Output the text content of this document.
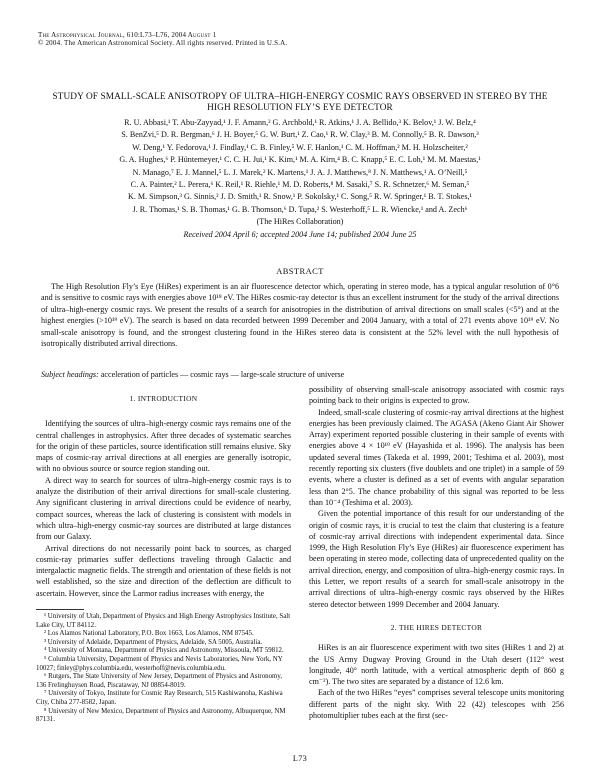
The Astrophysical Journal, 610:L73–L76, 2004 August 1
© 2004. The American Astronomical Society. All rights reserved. Printed in U.S.A.
STUDY OF SMALL-SCALE ANISOTROPY OF ULTRA–HIGH-ENERGY COSMIC RAYS OBSERVED IN STEREO BY THE HIGH RESOLUTION FLY’S EYE DETECTOR
R. U. Abbasi,¹ T. Abu-Zayyad,¹ J. F. Amann,² G. Archbold,¹ R. Atkins,¹ J. A. Bellido,³ K. Belov,¹ J. W. Belz,⁴
S. BenZvi,⁵ D. R. Bergman,⁶ J. H. Boyer,⁵ G. W. Burt,¹ Z. Cao,¹ R. W. Clay,³ B. M. Connolly,⁵ B. R. Dawson,³
W. Deng,¹ Y. Fedorova,¹ J. Findlay,¹ C. B. Finley,⁵ W. F. Hanlon,¹ C. M. Hoffman,² M. H. Holzscheiter,²
G. A. Hughes,⁶ P. Hüntemeyer,¹ C. C. H. Jui,¹ K. Kim,¹ M. A. Kirn,⁴ B. C. Knapp,⁵ E. C. Loh,¹ M. M. Maestas,¹
N. Manago,⁷ E. J. Mannel,⁵ L. J. Marek,² K. Martens,¹ J. A. J. Matthews,⁸ J. N. Matthews,¹ A. O’Neill,⁵
C. A. Painter,² L. Perera,⁶ K. Reil,¹ R. Riehle,¹ M. D. Roberts,⁸ M. Sasaki,⁷ S. R. Schnetzer,⁶ M. Seman,⁵
K. M. Simpson,³ G. Sinnis,² J. D. Smith,¹ R. Snow,¹ P. Sokolsky,¹ C. Song,⁵ R. W. Springer,¹ B. T. Stokes,¹
J. R. Thomas,¹ S. B. Thomas,¹ G. B. Thomson,⁶ D. Tupa,² S. Westerhoff,⁵ L. R. Wiencke,¹ and A. Zech⁶
(The HiRes Collaboration)
Received 2004 April 6; accepted 2004 June 14; published 2004 June 25
ABSTRACT

The High Resolution Fly’s Eye (HiRes) experiment is an air fluorescence detector which, operating in stereo mode, has a typical angular resolution of 0°6 and is sensitive to cosmic rays with energies above 10¹⁸ eV. The HiRes cosmic-ray detector is thus an excellent instrument for the study of the arrival directions of ultra–high-energy cosmic rays. We present the results of a search for anisotropies in the distribution of arrival directions on small scales (<5°) and at the highest energies (>10¹⁹ eV). The search is based on data recorded between 1999 December and 2004 January, with a total of 271 events above 10¹⁹ eV. No small-scale anisotropy is found, and the strongest clustering found in the HiRes stereo data is consistent at the 52% level with the null hypothesis of isotropically distributed arrival directions.

Subject headings: acceleration of particles — cosmic rays — large-scale structure of universe

1. INTRODUCTION

Identifying the sources of ultra–high-energy cosmic rays remains one of the central challenges in astrophysics. After three decades of systematic searches for the origin of these particles, source identification still remains elusive. Sky maps of cosmic-ray arrival directions at all energies are generally isotropic, with no obvious source or source region standing out.

A direct way to search for sources of ultra–high-energy cosmic rays is to analyze the distribution of their arrival directions for small-scale clustering. Any significant clustering in arrival directions could be evidence of nearby, compact sources, whereas the lack of clustering is consistent with models in which ultra–high-energy cosmic-ray sources are distributed at large distances from our Galaxy.

Arrival directions do not necessarily point back to sources, as charged cosmic-ray primaries suffer deflections traveling through Galactic and intergalactic magnetic fields. The strength and orientation of these fields is not well established, so the size and direction of the deflection are difficult to ascertain. However, since the Larmor radius increases with energy, the

¹ University of Utah, Department of Physics and High Energy Astrophysics Institute, Salt Lake City, UT 84112.

² Los Alamos National Laboratory, P.O. Box 1663, Los Alamos, NM 87545.

³ University of Adelaide, Department of Physics, Adelaide, SA 5005, Australia.

⁴ University of Montana, Department of Physics and Astronomy, Missoula, MT 59812.

⁵ Columbia University, Department of Physics and Nevis Laboratories, New York, NY 10027; finley@phys.columbia.edu, westerhoff@nevis.columbia.edu.

⁶ Rutgers, The State University of New Jersey, Department of Physics and Astronomy, 136 Frelinghuysen Road, Piscataway, NJ 08854-8019.

⁷ University of Tokyo, Institute for Cosmic Ray Research, 515 Kashiwanoha, Kashiwa City, Chiba 277-8582, Japan.

⁸ University of New Mexico, Department of Physics and Astronomy, Albuquerque, NM 87131.

possibility of observing small-scale anisotropy associated with cosmic rays pointing back to their origins is expected to grow.

Indeed, small-scale clustering of cosmic-ray arrival directions at the highest energies has been previously claimed. The AGASA (Akeno Giant Air Shower Array) experiment reported possible clustering in their sample of events with energies above 4 × 10¹⁹ eV (Hayashida et al. 1996). The analysis has been updated several times (Takeda et al. 1999, 2001; Teshima et al. 2003), most recently reporting six clusters (five doublets and one triplet) in a sample of 59 events, where a cluster is defined as a set of events with angular separation less than 2°5. The chance probability of this signal was reported to be less than 10⁻⁴ (Teshima et al. 2003).

Given the potential importance of this result for our understanding of the origin of cosmic rays, it is crucial to test the claim that clustering is a feature of cosmic-ray arrival directions with independent experimental data. Since 1999, the High Resolution Fly’s Eye (HiRes) air fluorescence experiment has been operating in stereo mode, collecting data of unprecedented quality on the arrival direction, energy, and composition of ultra–high-energy cosmic rays. In this Letter, we report results of a search for small-scale anisotropy in the arrival directions of ultra–high-energy cosmic rays observed by the HiRes stereo detector between 1999 December and 2004 January.

2. THE HIRES DETECTOR

HiRes is an air fluorescence experiment with two sites (HiRes 1 and 2) at the US Army Dugway Proving Ground in the Utah desert (112° west longitude, 40° north latitude, with a vertical atmospheric depth of 860 g cm⁻²). The two sites are separated by a distance of 12.6 km.

Each of the two HiRes “eyes” comprises several telescope units monitoring different parts of the night sky. With 22 (42) telescopes with 256 photomultiplier tubes each at the first (sec-

L73
